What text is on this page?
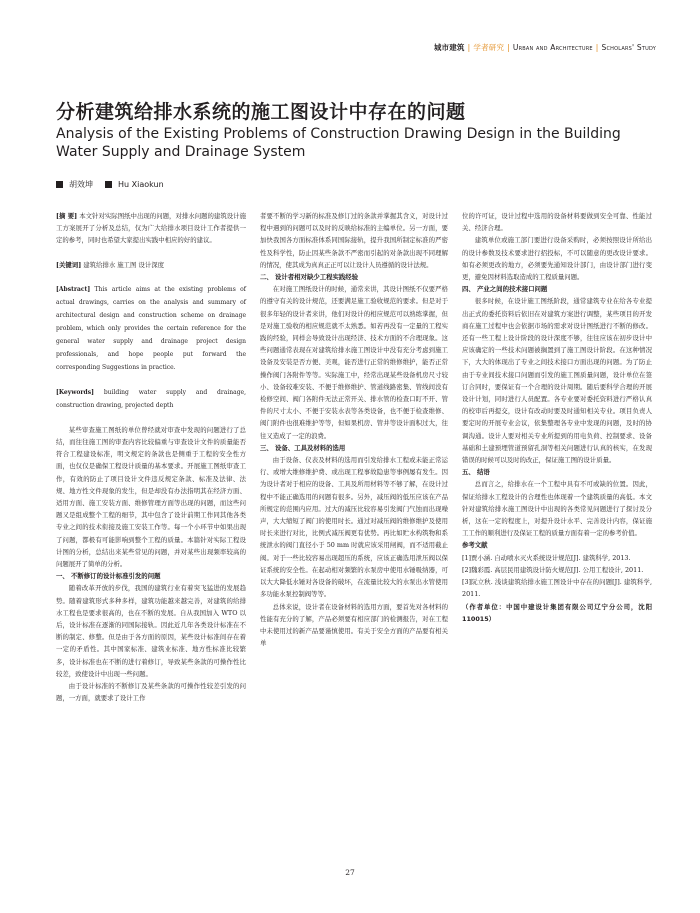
城市建筑 | 学者研究 | Urban and Architecture | Scholars' Study
分析建筑给排水系统的施工图设计中存在的问题
Analysis of the Existing Problems of Construction Drawing Design in the Building Water Supply and Drainage System
胡效坤	Hu Xiaokun

[摘 要] 本文针对实际图纸中出现的问题，对排水问题的建筑设计施工方案展开了分析及总结，仅为广大给排水项目设计工作者提供一定的参考，同时也希望大家提出实践中相应的好的建议。

[关键词] 建筑给排水 施工图 设计深度

[Abstract] This article aims at the existing problems of actual drawings, carries on the analysis and summary of architectural design and construction scheme on drainage problem, which only provides the certain reference for the general water supply and drainage project design professionals, and hope people put forward the corresponding Suggestions in practice.

[Keywords] building water supply and drainage, construction drawing, projected depth

某些审查施工图纸的单位曾经就对审查中发现的问题进行了总结，而往往施工图的审查内容比较偏重与审查设计文件的质量能否符合工程建设标准，明文规定的条款也是侧重于工程的安全性方面，也仅仅是确保工程设计质量的基本要求。开展施工图纸审查工作，有效的防止了项目设计文件违反规定条款、标准及法律、法规、地方性文件现象的发生，但是却没有办法指明其在经济方面、适用方面、施工安装方面、维修管理方面等出现的问题，而这些问题又是组成整个工程的细节，其中包含了设计前期工作同其他各类专业之间的技术衔接及施工安装工作等。每一个小环节中如果出现了问题，都极有可能影响到整个工程的质量。本篇针对实际工程设计图的分析，总结出来某些常见的问题，并对某些出现频率较高的问题展开了简单的分析。

一、 不断修订的设计标准引发的问题

随着改革开放的步伐，我国的建筑行业有着突飞猛进的发展趋势。随着建筑形式多种多样，建筑功能越来越完善，对建筑的给排水工程也是要求很高的，也在不断的发展。自从我国加入 WTO 以后，设计标准在逐渐的同国际接轨。因此近几年各类设计标准在不断的制定、修整。但是由于各方面的原因，某些设计标准间存在着一定的矛盾性。其中国家标准、建筑业标准、地方性标准比较繁多，设计标准也在不断的进行着修订，导致某些条款的可操作性比较差，致使设计中出现一些问题。

由于设计标准的不断修订及某些条款的可操作性较差引发的问题，一方面，就要求了设计工作

者要不断的学习新的标准及修订过的条款并掌握其含义，对设计过程中遇到的问题可以及时的反映给标准的主编单位。另一方面，要加快我国各方面标准体系同国际接轨，提升我国所制定标准的严密性及科学性，防止因某些条款不严密而引起的对条款出现不同理解的情况，使其成为真真正正可以让设计人员遵循的设计法规。

二、 设计者相对缺少工程实践经验

在对施工图纸设计的时候，通常来讲，其设计图纸不仅要严格的遵守有关的设计规范，还要满足施工验收规范的要求。但是对于很多年轻的设计者来讲，他们对设计的相应规范可以熟练掌握，但是对施工验收的相应规范就不太熟悉。如若再没有一定量的工程实践的经验，同样会导致设计出现经济、技术方面的不合理现象。这些问题通常表现在对建筑给排水施工图设计中没有充分考虑到施工设备及安装是否方便、美观，能否进行正常的维修维护，能否正常操作阀门各附件等等。实际施工中，经常出现某些设备机房尺寸较小、设备较难安装、不便于维修维护、管道线路密集、管线间没有检修空间、阀门各附件无法正常开关、排水管的检查口盯不开、管件的尺寸太小、不便于安装水表等各类设备，也不便于检查维修、阀门附件也很难维护等等，但如果机房、管井等设计面积过大，往往又造成了一定的浪费。

三、 设备、工具及材料的选用

由于设备、仪表及材料的选用而引发给排水工程或未能正常运行、或增大维修维护费、或出现工程事故隐患等事例屡有发生。因为设计者对于相应的设备、工具及所用材料等不够了解，在设计过程中不能正确选用的问题有很多。另外，减压阀的低压应该在产品所规定的范围内应用。过大的减压比较容易引发阀门气蚀而出现噪声，大大缩短了阀门的使用时长。通过对减压阀的维修维护及使用时长来进行对比，比例式减压阀更有优势。再比如贮水构筑物和系统泄水的阀门直径小于 50 mm 时就应该采用闸阀，而不适用截止阀。对于一些比较容易出现超压的系统，应该正确选用泄压阀以保证系统的安全性。在起动相对频繁的水泵房中使用水锤吸纳器，可以大大降低水锤对各设备的破坏，在流量比较大的水泵出水管使用多功能水泵控制阀等等。

总体来说，设计者在设备材料的选用方面，要首先对各材料的性能有充分的了解，产品必须要有相应部门的检测报告，对在工程中未使用过的新产品要谨慎使用。有关于安全方面的产品要有相关单

位的许可证，设计过程中选用的设备材料要做到安全可靠、性能过关、经济合理。

建筑单位或施工部门要进行设备采购时，必须按照设计所给出的设计参数及技术要求进行招投标，不可以随意的更改设计要求。如有必须更改的地方，必须要先通知设计部门，由设计部门进行变更，避免因材料选取造成的工程质量问题。

四、 产业之间的技术接口问题

很多时候，在设计施工图纸阶段，通常建筑专业在给各专业提出正式的委托资料后依旧在对建筑方案进行调整，某些项目的开发商在施工过程中也会依据市场的需求对设计图纸进行不断的修改。还有一些工程上设计阶段的设计深度不够，往往应该在初步设计中应该确定的一些技术问题被搁置到了施工图设计阶段。在这种情况下，大大的体现出了专业之间技术接口方面出现的问题。为了防止由于专业间技术接口问题而引发的施工图质量问题，设计单位在签订合同时，要保证有一个合理的设计周期。随后要科学合理的开展设计计划，同时进行人员配置。各专业要对委托资料进行严格认真的校审后再提交，设计有改动时要及时通知相关专业。项目负责人要定时的开展专业会议，依集整理各专业中发现的问题，及时的协调沟通。设计人要对相关专业所提到的用电负荷、控制要求、设备基础和土建预埋管道预留孔洞等相关问题进行认真的核实，在发现错误的时候可以及时的改正，保证施工图的设计质量。

五、 结语

总而言之，给排水在一个工程中具有不可或缺的位置。因此，保证给排水工程设计的合理性也体现着一个建筑质量的高低。本文针对建筑给排水施工图设计中出现的各类常见问题进行了探讨及分析，这在一定的程度上，对提升设计水平、完善设计内容，保证施工工作的顺利进行及保证工程的质量方面有着一定的参考价值。

参考文献

[1]贾小涵. 自动喷水灭火系统设计规范[J]. 建筑科学, 2013.

[2]魏彩霞. 高层民用建筑设计防火规范[J]. 公用工程设计, 2011.

[3]阮立秋. 浅谈建筑给排水施工图设计中存在的问题[J]. 建筑科学, 2011.

（作者单位：中国中建设计集团有限公司辽宁分公司，沈阳 110015）

27
